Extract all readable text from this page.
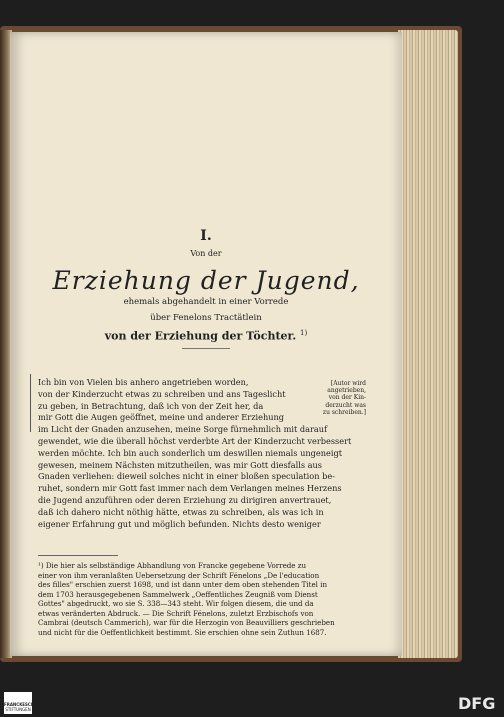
I.
Von der
Erziehung der Jugend,
ehemals abgehandelt in einer Vorrede
über Fenelons Tractätlein
von der Erziehung der Töchter. $^{1)}$
Ich bin von Vielen bis anhero angetrieben worden,
von der Kinderzucht etwas zu schreiben und ans Tageslicht
zu geben, in Betrachtung, daß ich von der Zeit her, da
mir Gott die Augen geöffnet, meine und anderer Erziehung
im Licht der Gnaden anzusehen, meine Sorge fürnehmlich mit darauf
gewendet, wie die überall höchst verderbte Art der Kinderzucht verbessert
werden möchte. Ich bin auch sonderlich um deswillen niemals ungeneigt
gewesen, meinem Nächsten mitzutheilen, was mir Gott diesfalls aus
Gnaden verliehen: dieweil solches nicht in einer bloßen speculation be-
ruhet, sondern mir Gott fast immer nach dem Verlangen meines Herzens
die Jugend anzuführen oder deren Erziehung zu dirigiren anvertrauet,
daß ich dahero nicht nöthig hätte, etwas zu schreiben, als was ich in
eigener Erfahrung gut und möglich befunden. Nichts desto weniger
[Autor wird
angetrieben,
von der Kin-
derzucht was
zu schreiben.]
¹) Die hier als selbständige Abhandlung von Francke gegebene Vorrede zu
einer von ihm veranlaßten Uebersetzung der Schrift Fénelons „De l'education
des filles" erschien zuerst 1698, und ist dann unter dem oben stehenden Titel in
dem 1703 herausgegebenen Sammelwerk „Oeffentliches Zeugniß vom Dienst
Gottes" abgedruckt, wo sie S. 338—343 steht. Wir folgen diesem, die und da
etwas veränderten Abdruck. — Die Schrift Fénelons, zuletzt Erzbischofs von
Cambrai (deutsch Cammerich), war für die Herzogin von Beauvilliers geschrieben
und nicht für die Oeffentlichkeit bestimmt. Sie erschien ohne sein Zuthun 1687.
FRANCKESCHE
STIFTUNGEN	DFG
